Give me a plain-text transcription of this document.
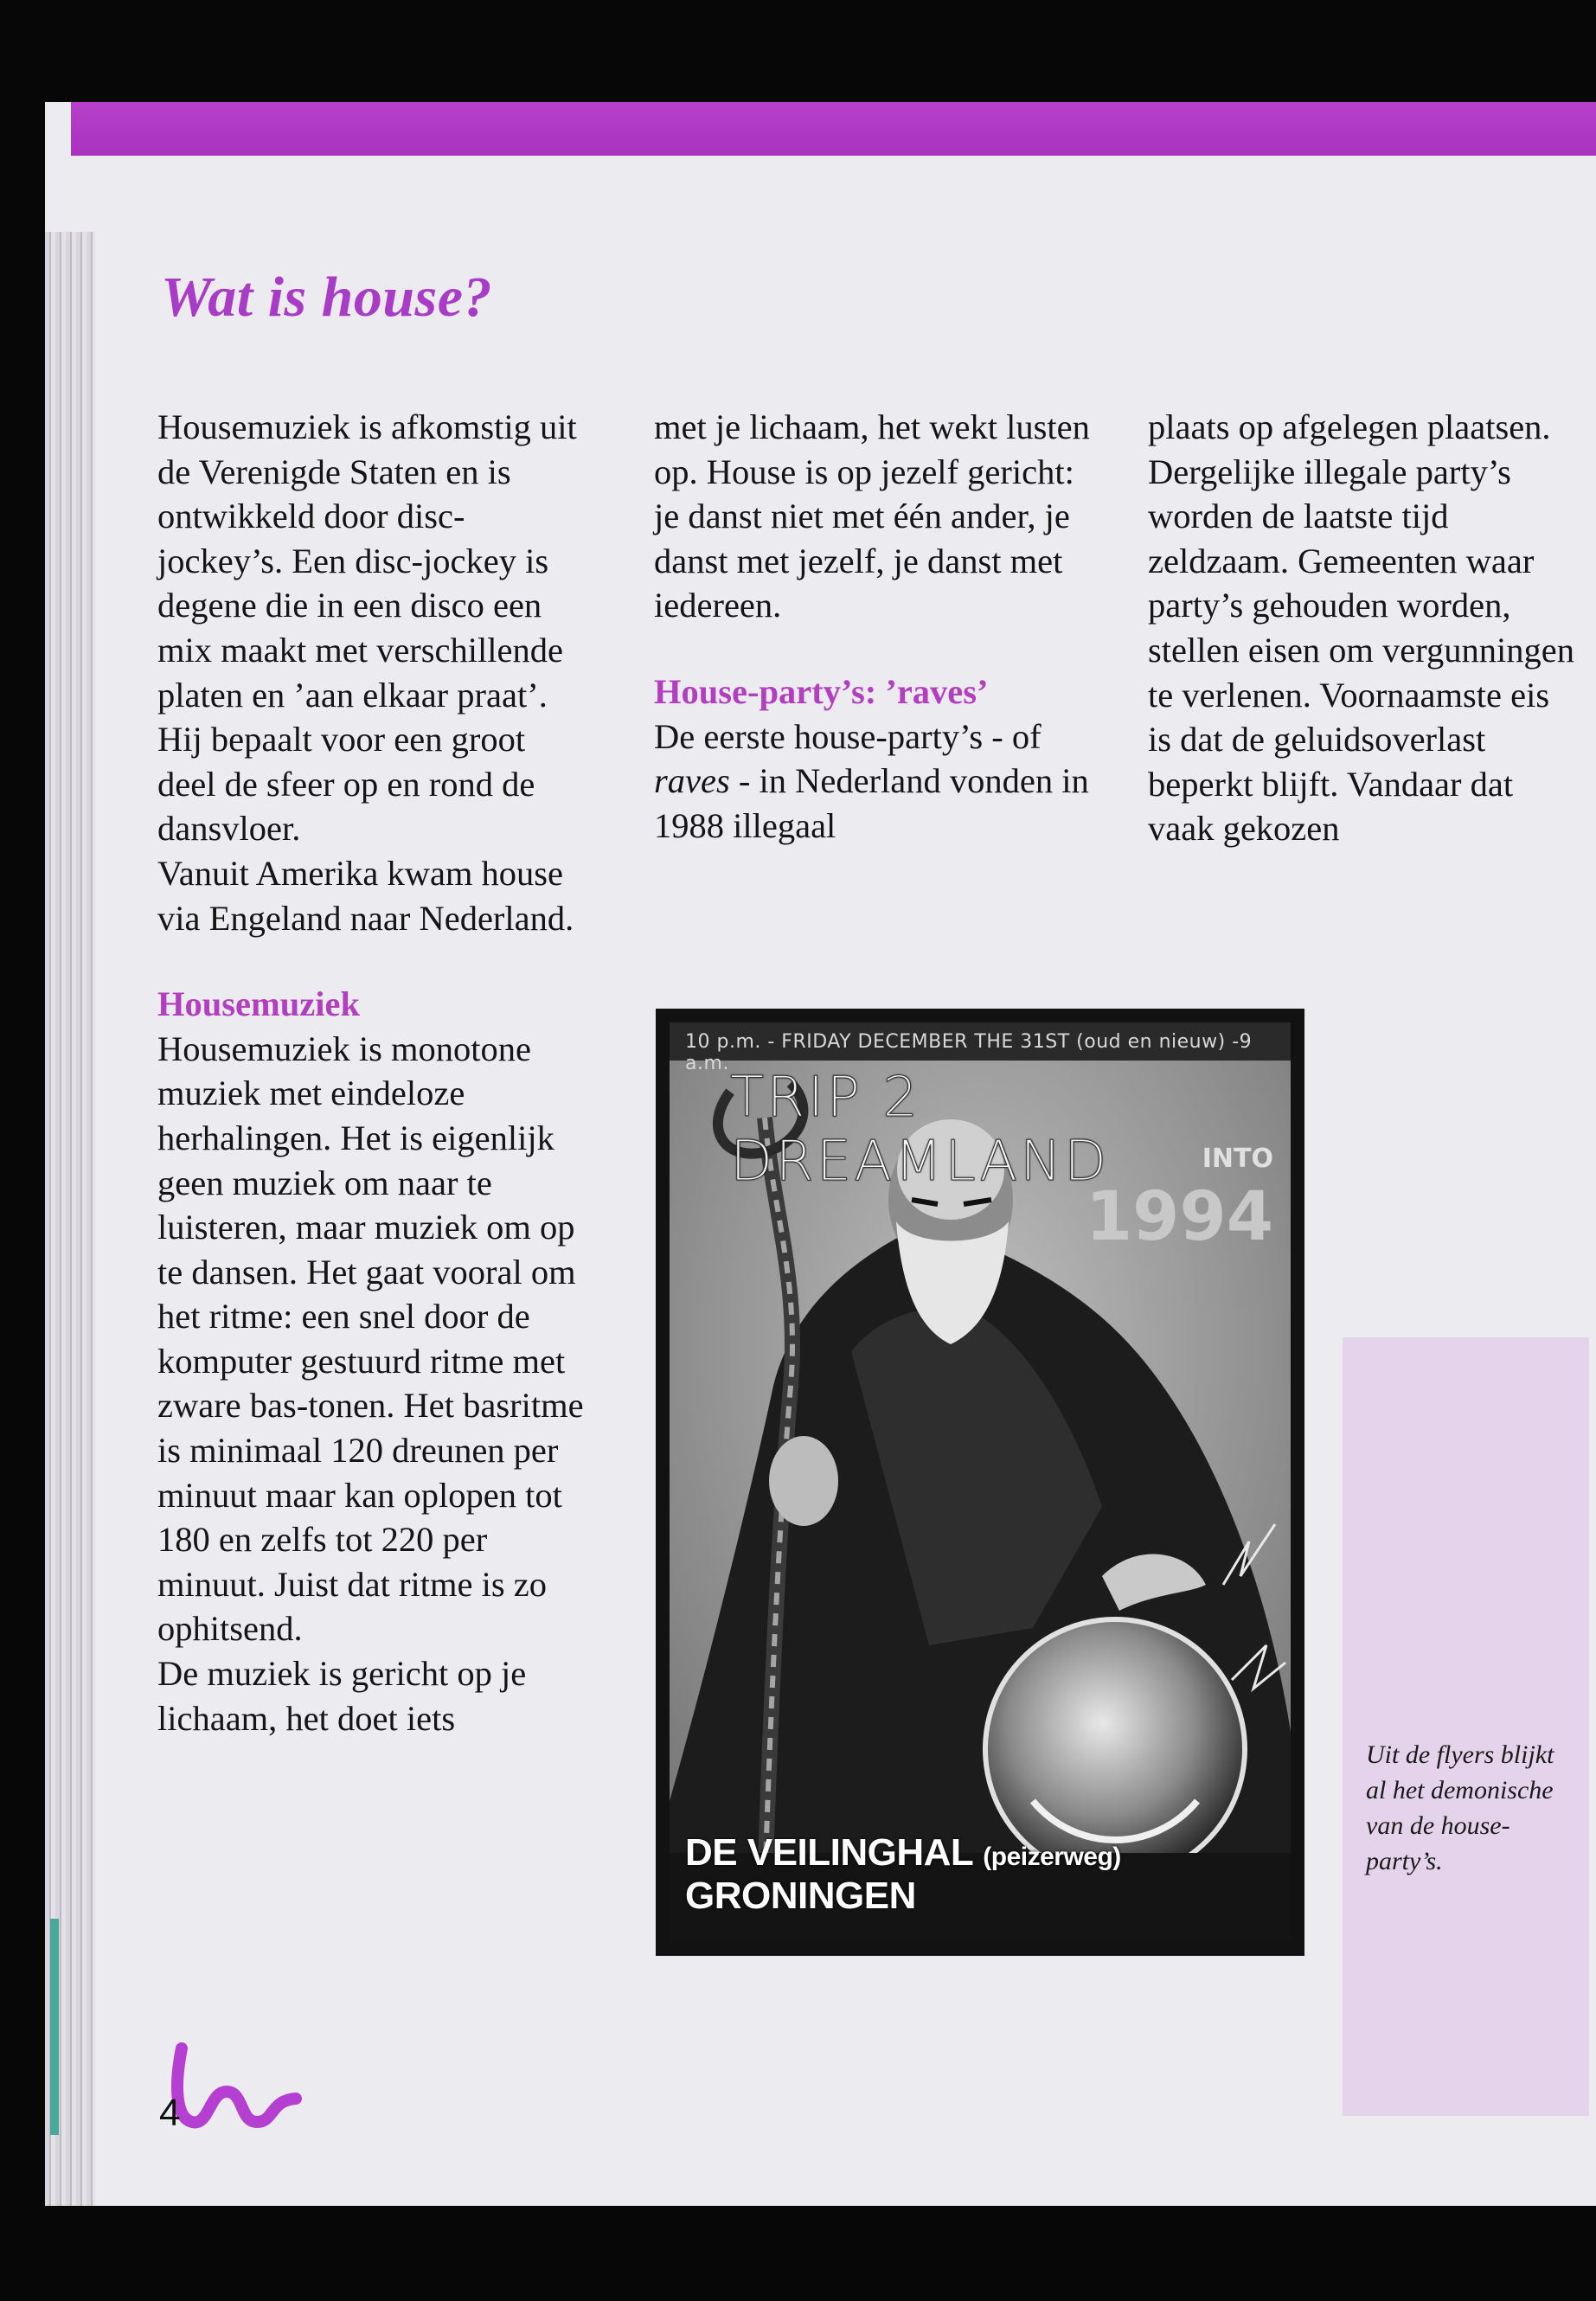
Wat is house?

Housemuziek is afkomstig uit de Verenigde Staten en is ontwikkeld door disc-jockey’s. Een disc-jockey is degene die in een disco een mix maakt met verschillende platen en ’aan elkaar praat’. Hij bepaalt voor een groot deel de sfeer op en rond de dansvloer.

Vanuit Amerika kwam house via Engeland naar Nederland.

Housemuziek

Housemuziek is monotone muziek met eindeloze herhalingen. Het is eigenlijk geen muziek om naar te luisteren, maar muziek om op te dansen. Het gaat vooral om het ritme: een snel door de komputer gestuurd ritme met zware bas-tonen. Het basritme is minimaal 120 dreunen per minuut maar kan oplopen tot 180 en zelfs tot 220 per minuut. Juist dat ritme is zo ophitsend.

De muziek is gericht op je lichaam, het doet iets

met je lichaam, het wekt lusten op. House is op jezelf gericht: je danst niet met één ander, je danst met jezelf, je danst met iedereen.

House-party’s: ’raves’

De eerste house-party’s - of raves - in Nederland vonden in 1988 illegaal

plaats op afgelegen plaatsen. Dergelijke illegale party’s worden de laatste tijd zeldzaam. Gemeenten waar party’s gehouden worden, stellen eisen om vergunningen te verlenen. Voornaamste eis is dat de geluidsoverlast beperkt blijft. Vandaar dat vaak gekozen

10 p.m. - FRIDAY DECEMBER THE 31ST (oud en nieuw) -9 a.m.
TRIP 2 DREAMLAND	INTO
1994
DE VEILINGHAL (peizerweg) GRONINGEN
Uit de flyers blijkt al het demonische van de house-party’s.
4
